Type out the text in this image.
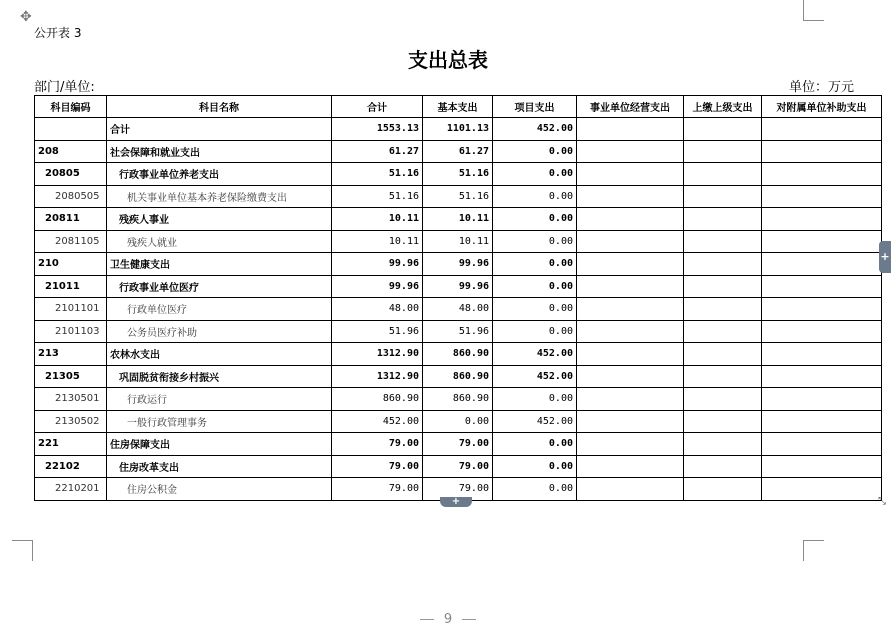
✥
公开表 3
支出总表
部门/单位:	单位：万元
科目编码	科目名称	合计	基本支出	项目支出	事业单位经营支出	上缴上级支出	对附属单位补助支出
	合计	1553.13	1101.13	452.00			
208	社会保障和就业支出	61.27	61.27	0.00			
20805	行政事业单位养老支出	51.16	51.16	0.00			
2080505	机关事业单位基本养老保险缴费支出	51.16	51.16	0.00			
20811	残疾人事业	10.11	10.11	0.00			
2081105	残疾人就业	10.11	10.11	0.00			
210	卫生健康支出	99.96	99.96	0.00			
21011	行政事业单位医疗	99.96	99.96	0.00			
2101101	行政单位医疗	48.00	48.00	0.00			
2101103	公务员医疗补助	51.96	51.96	0.00			
213	农林水支出	1312.90	860.90	452.00			
21305	巩固脱贫衔接乡村振兴	1312.90	860.90	452.00			
2130501	行政运行	860.90	860.90	0.00			
2130502	一般行政管理事务	452.00	0.00	452.00			
221	住房保障支出	79.00	79.00	0.00			
22102	住房改革支出	79.00	79.00	0.00			
2210201	住房公积金	79.00	79.00	0.00			
+
+	⤡
9
